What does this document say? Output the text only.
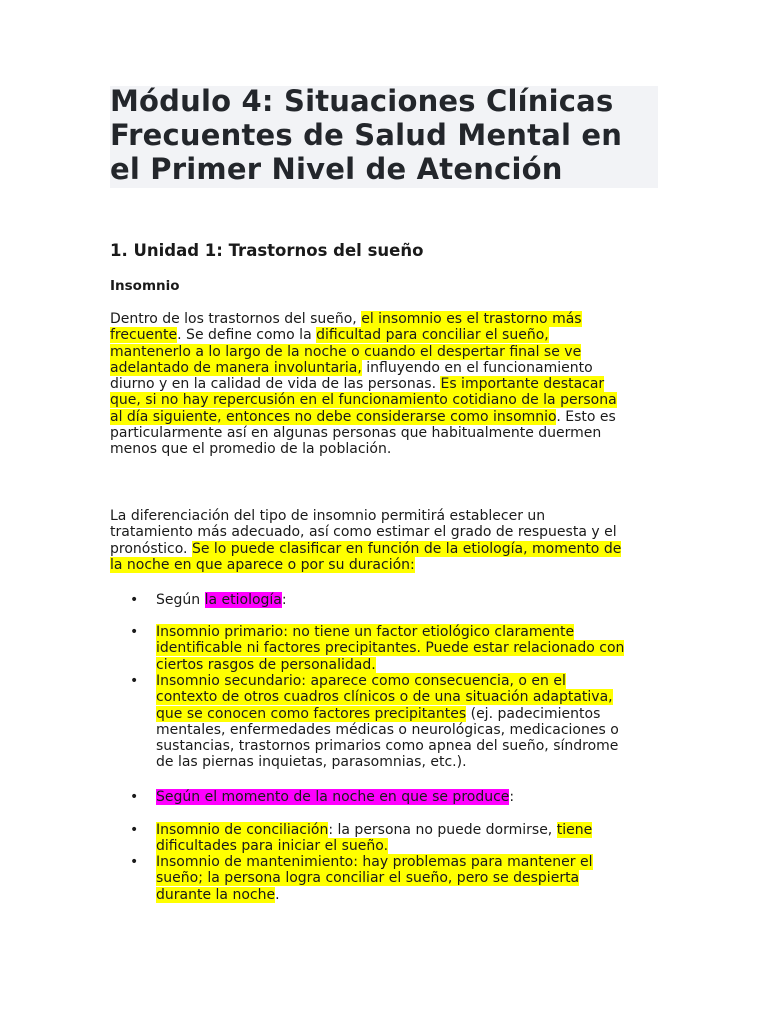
Módulo 4: Situaciones Clínicas
Frecuentes de Salud Mental en
el Primer Nivel de Atención
1. Unidad 1: Trastornos del sueño
Insomnio
Dentro de los trastornos del sueño, el insomnio es el trastorno más
frecuente. Se define como la dificultad para conciliar el sueño,
mantenerlo a lo largo de la noche o cuando el despertar final se ve
adelantado de manera involuntaria, influyendo en el funcionamiento
diurno y en la calidad de vida de las personas. Es importante destacar
que, si no hay repercusión en el funcionamiento cotidiano de la persona
al día siguiente, entonces no debe considerarse como insomnio. Esto es
particularmente así en algunas personas que habitualmente duermen
menos que el promedio de la población.
La diferenciación del tipo de insomnio permitirá establecer un
tratamiento más adecuado, así como estimar el grado de respuesta y el
pronóstico. Se lo puede clasificar en función de la etiología, momento de
la noche en que aparece o por su duración:
• Según la etiología:
• Insomnio primario: no tiene un factor etiológico claramente
identificable ni factores precipitantes. Puede estar relacionado con
ciertos rasgos de personalidad.
• Insomnio secundario: aparece como consecuencia, o en el
contexto de otros cuadros clínicos o de una situación adaptativa,
que se conocen como factores precipitantes (ej. padecimientos
mentales, enfermedades médicas o neurológicas, medicaciones o
sustancias, trastornos primarios como apnea del sueño, síndrome
de las piernas inquietas, parasomnias, etc.).
• Según el momento de la noche en que se produce:
• Insomnio de conciliación: la persona no puede dormirse, tiene
dificultades para iniciar el sueño.
• Insomnio de mantenimiento: hay problemas para mantener el
sueño; la persona logra conciliar el sueño, pero se despierta
durante la noche.
